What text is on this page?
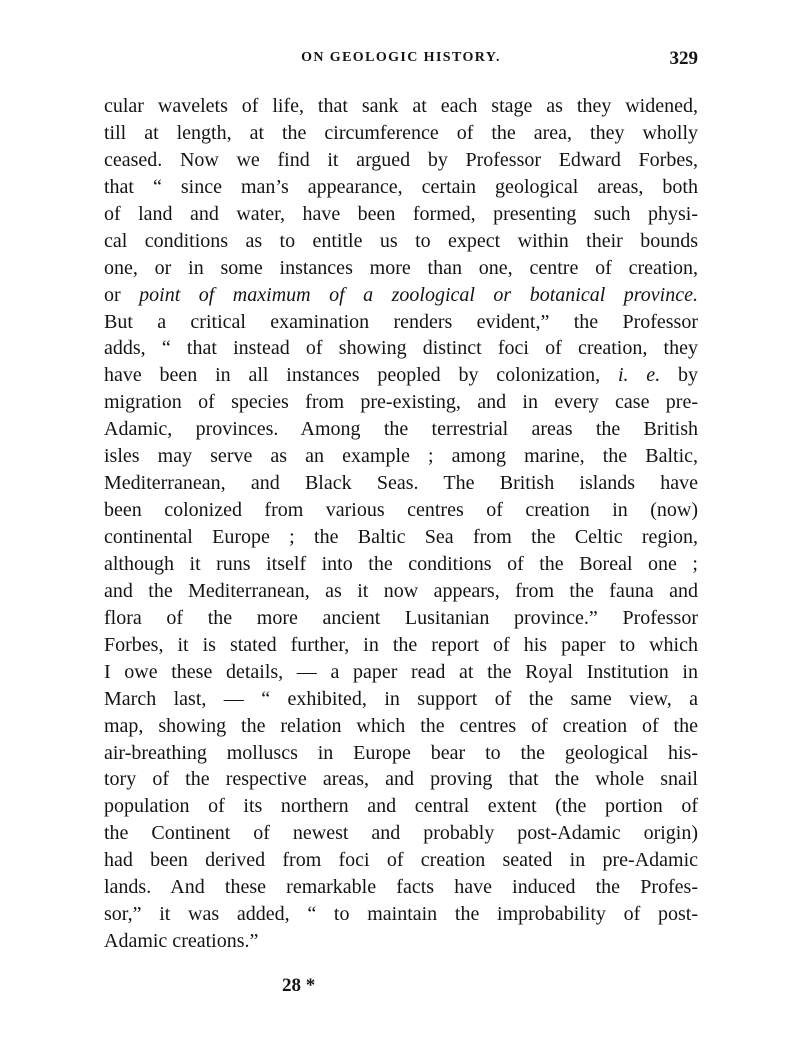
ON GEOLOGIC HISTORY.	329
cular wavelets of life, that sank at each stage as they widened,
till at length, at the circumference of the area, they wholly
ceased. Now we find it argued by Professor Edward Forbes,
that “ since man’s appearance, certain geological areas, both
of land and water, have been formed, presenting such physi-
cal conditions as to entitle us to expect within their bounds
one, or in some instances more than one, centre of creation,
or point of maximum of a zoological or botanical province.
But a critical examination renders evident,” the Professor
adds, “ that instead of showing distinct foci of creation, they
have been in all instances peopled by colonization, i. e. by
migration of species from pre-existing, and in every case pre-
Adamic, provinces. Among the terrestrial areas the British
isles may serve as an example ; among marine, the Baltic,
Mediterranean, and Black Seas. The British islands have
been colonized from various centres of creation in (now)
continental Europe ; the Baltic Sea from the Celtic region,
although it runs itself into the conditions of the Boreal one ;
and the Mediterranean, as it now appears, from the fauna and
flora of the more ancient Lusitanian province.” Professor
Forbes, it is stated further, in the report of his paper to which
I owe these details, — a paper read at the Royal Institution in
March last, — “ exhibited, in support of the same view, a
map, showing the relation which the centres of creation of the
air-breathing molluscs in Europe bear to the geological his-
tory of the respective areas, and proving that the whole snail
population of its northern and central extent (the portion of
the Continent of newest and probably post-Adamic origin)
had been derived from foci of creation seated in pre-Adamic
lands. And these remarkable facts have induced the Profes-
sor,” it was added, “ to maintain the improbability of post-
Adamic creations.”
28 *
